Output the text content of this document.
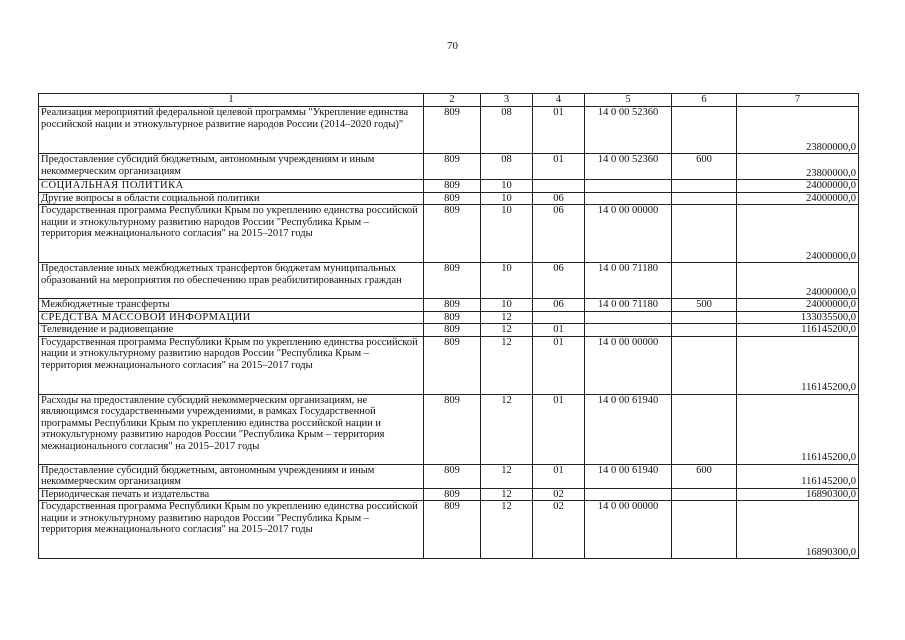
70
1	2	3	4	5	6	7
Реализация мероприятий федеральной целевой программы "Укрепление единства российской нации и этнокультурное развитие народов России (2014–2020 годы)"	809	08	01	14 0 00 52360		23800000,0
Предоставление субсидий бюджетным, автономным учреждениям и иным некоммерческим организациям	809	08	01	14 0 00 52360	600	23800000,0
СОЦИАЛЬНАЯ ПОЛИТИКА	809	10				24000000,0
Другие вопросы в области социальной политики	809	10	06			24000000,0
Государственная программа Республики Крым по укреплению единства российской нации и этнокультурному развитию народов России "Республика Крым – территория межнационального согласия" на 2015–2017 годы	809	10	06	14 0 00 00000		24000000,0
Предоставление иных межбюджетных трансфертов бюджетам муниципальных образований на мероприятия по обеспечению прав реабилитированных граждан	809	10	06	14 0 00 71180		24000000,0
Межбюджетные трансферты	809	10	06	14 0 00 71180	500	24000000,0
СРЕДСТВА МАССОВОЙ ИНФОРМАЦИИ	809	12				133035500,0
Телевидение и радиовещание	809	12	01			116145200,0
Государственная программа Республики Крым по укреплению единства российской нации и этнокультурному развитию народов России "Республика Крым – территория межнационального согласия" на 2015–2017 годы	809	12	01	14 0 00 00000		116145200,0
Расходы на предоставление субсидий некоммерческим организациям, не являющимся государственными учреждениями, в рамках Государственной программы Республики Крым по укреплению единства российской нации и этнокультурному развитию народов России "Республика Крым – территория межнационального согласия" на 2015–2017 годы	809	12	01	14 0 00 61940		116145200,0
Предоставление субсидий бюджетным, автономным учреждениям и иным некоммерческим организациям	809	12	01	14 0 00 61940	600	116145200,0
Периодическая печать и издательства	809	12	02			16890300,0
Государственная программа Республики Крым по укреплению единства российской нации и этнокультурному развитию народов России "Республика Крым – территория межнационального согласия" на 2015–2017 годы	809	12	02	14 0 00 00000		16890300,0
